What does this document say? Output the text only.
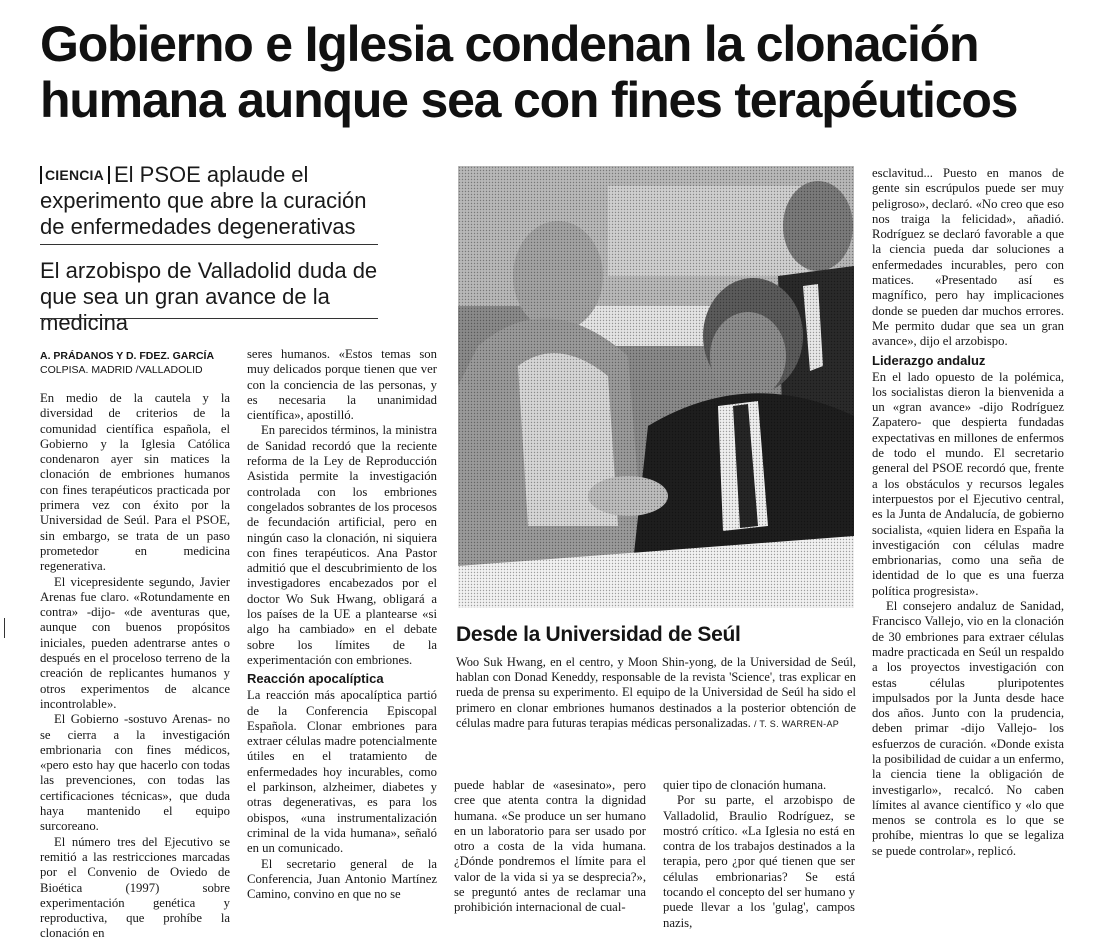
Gobierno e Iglesia condenan la clonación humana aunque sea con fines terapéuticos
CIENCIA El PSOE aplaude el experimento que abre la curación de enfermedades degenerativas
El arzobispo de Valladolid duda de que sea un gran avance de la medicina
A. PRÁDANOS Y D. FDEZ. GARCÍA
COLPISA. MADRID /VALLADOLID

En medio de la cautela y la diversidad de criterios de la comunidad científica española, el Gobierno y la Iglesia Católica condenaron ayer sin matices la clonación de embriones humanos con fines terapéuticos practicada por primera vez con éxito por la Universidad de Seúl. Para el PSOE, sin embargo, se trata de un paso prometedor en medicina regenerativa.

El vicepresidente segundo, Javier Arenas fue claro. «Rotundamente en contra» -dijo- «de aventuras que, aunque con buenos propósitos iniciales, pueden adentrarse antes o después en el proceloso terreno de la creación de replicantes humanos y otros experimentos de alcance incontrolable».

El Gobierno -sostuvo Arenas- no se cierra a la investigación embrionaria con fines médicos, «pero esto hay que hacerlo con todas las prevenciones, con todas las certificaciones técnicas», que duda haya mantenido el equipo surcoreano.

El número tres del Ejecutivo se remitió a las restricciones marcadas por el Convenio de Oviedo de Bioética (1997) sobre experimentación genética y reproductiva, que prohíbe la clonación en

seres humanos. «Estos temas son muy delicados porque tienen que ver con la conciencia de las personas, y es necesaria la unanimidad científica», apostilló.

En parecidos términos, la ministra de Sanidad recordó que la reciente reforma de la Ley de Reproducción Asistida permite la investigación controlada con los embriones congelados sobrantes de los procesos de fecundación artificial, pero en ningún caso la clonación, ni siquiera con fines terapéuticos. Ana Pastor admitió que el descubrimiento de los investigadores encabezados por el doctor Wo Suk Hwang, obligará a los países de la UE a plantearse «si algo ha cambiado» en el debate sobre los límites de la experimentación con embriones.

Reacción apocalíptica

La reacción más apocalíptica partió de la Conferencia Episcopal Española. Clonar embriones para extraer células madre potencialmente útiles en el tratamiento de enfermedades hoy incurables, como el parkinson, alzheimer, diabetes y otras degenerativas, es para los obispos, «una instrumentalización criminal de la vida humana», señaló en un comunicado.

El secretario general de la Conferencia, Juan Antonio Martínez Camino, convino en que no se

Desde la Universidad de Seúl
Woo Suk Hwang, en el centro, y Moon Shin-yong, de la Universidad de Seúl, hablan con Donad Keneddy, responsable de la revista 'Science', tras explicar en rueda de prensa su experimento. El equipo de la Universidad de Seúl ha sido el primero en clonar embriones humanos destinados a la posterior obtención de células madre para futuras terapias médicas personalizadas. / T. S. WARREN-AP

puede hablar de «asesinato», pero cree que atenta contra la dignidad humana. «Se produce un ser humano en un laboratorio para ser usado por otro a costa de la vida humana. ¿Dónde pondremos el límite para el valor de la vida si ya se desprecia?», se preguntó antes de reclamar una prohibición internacional de cual-

quier tipo de clonación humana.

Por su parte, el arzobispo de Valladolid, Braulio Rodríguez, se mostró crítico. «La Iglesia no está en contra de los trabajos destinados a la terapia, pero ¿por qué tienen que ser células embrionarias? Se está tocando el concepto del ser humano y puede llevar a los 'gulag', campos nazis,

esclavitud... Puesto en manos de gente sin escrúpulos puede ser muy peligroso», declaró. «No creo que eso nos traiga la felicidad», añadió. Rodríguez se declaró favorable a que la ciencia pueda dar soluciones a enfermedades incurables, pero con matices. «Presentado así es magnífico, pero hay implicaciones donde se pueden dar muchos errores. Me permito dudar que sea un gran avance», dijo el arzobispo.

Liderazgo andaluz

En el lado opuesto de la polémica, los socialistas dieron la bienvenida a un «gran avance» -dijo Rodríguez Zapatero- que despierta fundadas expectativas en millones de enfermos de todo el mundo. El secretario general del PSOE recordó que, frente a los obstáculos y recursos legales interpuestos por el Ejecutivo central, es la Junta de Andalucía, de gobierno socialista, «quien lidera en España la investigación con células madre embrionarias, como una seña de identidad de lo que es una fuerza política progresista».

El consejero andaluz de Sanidad, Francisco Vallejo, vio en la clonación de 30 embriones para extraer células madre practicada en Seúl un respaldo a los proyectos investigación con estas células pluripotentes impulsados por la Junta desde hace dos años. Junto con la prudencia, deben primar -dijo Vallejo- los esfuerzos de curación. «Donde exista la posibilidad de cuidar a un enfermo, la ciencia tiene la obligación de investigarlo», recalcó. No caben límites al avance científico y «lo que menos se controla es lo que se prohíbe, mientras lo que se legaliza se puede controlar», replicó.
